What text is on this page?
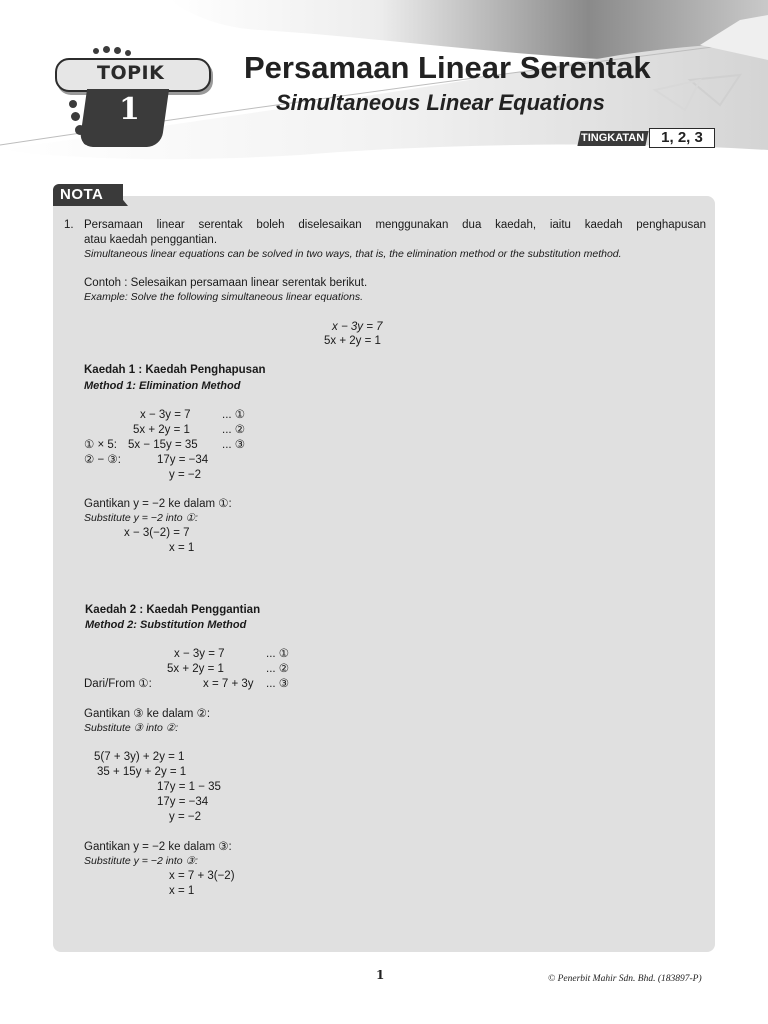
TOPIK
1
Persamaan Linear Serentak
Simultaneous Linear Equations
TINGKATAN	1, 2, 3
NOTA
1. Persamaan linear serentak boleh diselesaikan menggunakan dua kaedah, iaitu kaedah penghapusan
atau kaedah penggantian.
Simultaneous linear equations can be solved in two ways, that is, the elimination method or the substitution method.
Contoh : Selesaikan persamaan linear serentak berikut.
Example: Solve the following simultaneous linear equations.
x − 3y = 7
5x + 2y = 1
Kaedah 1 : Kaedah Penghapusan
Method 1: Elimination Method
x − 3y = 7	... ①
5x + 2y = 1	... ②
① × 5: 5x − 15y = 35 ... ③
② − ③:	17y = −34
y = −2
Gantikan y = −2 ke dalam ①:
Substitute y = −2 into ①:
x − 3(−2) = 7
x = 1
Kaedah 2 : Kaedah Penggantian
Method 2: Substitution Method
x − 3y = 7	... ①
5x + 2y = 1	... ②
Dari/From ①:	x = 7 + 3y ... ③
Gantikan ③ ke dalam ②:
Substitute ③ into ②:
5(7 + 3y) + 2y = 1
35 + 15y + 2y = 1
17y = 1 − 35
17y = −34
y = −2
Gantikan y = −2 ke dalam ③:
Substitute y = −2 into ③:
x = 7 + 3(−2)
x = 1
1	© Penerbit Mahir Sdn. Bhd. (183897-P)
